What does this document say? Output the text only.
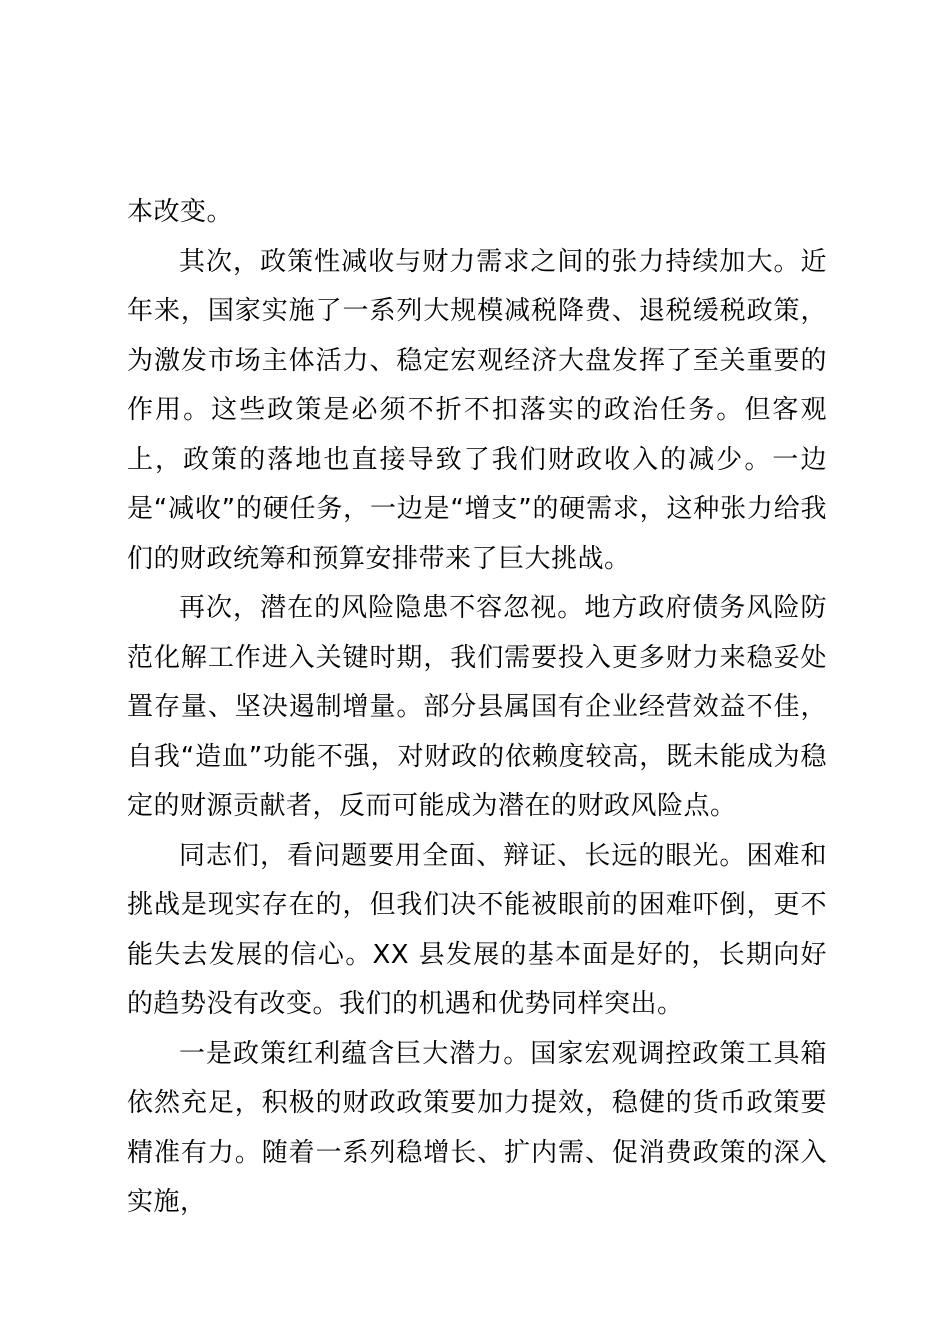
本改变。

其次，政策性减收与财力需求之间的张力持续加大。近年来，国家实施了一系列大规模减税降费、退税缓税政策，为激发市场主体活力、稳定宏观经济大盘发挥了至关重要的作用。这些政策是必须不折不扣落实的政治任务。但客观上，政策的落地也直接导致了我们财政收入的减少。一边是“减收”的硬任务，一边是“增支”的硬需求，这种张力给我们的财政统筹和预算安排带来了巨大挑战。

再次，潜在的风险隐患不容忽视。地方政府债务风险防范化解工作进入关键时期，我们需要投入更多财力来稳妥处置存量、坚决遏制增量。部分县属国有企业经营效益不佳，自我“造血”功能不强，对财政的依赖度较高，既未能成为稳定的财源贡献者，反而可能成为潜在的财政风险点。

同志们，看问题要用全面、辩证、长远的眼光。困难和挑战是现实存在的，但我们决不能被眼前的困难吓倒，更不能失去发展的信心。XX 县发展的基本面是好的，长期向好的趋势没有改变。我们的机遇和优势同样突出。

一是政策红利蕴含巨大潜力。国家宏观调控政策工具箱依然充足，积极的财政政策要加力提效，稳健的货币政策要精准有力。随着一系列稳增长、扩内需、促消费政策的深入实施，
